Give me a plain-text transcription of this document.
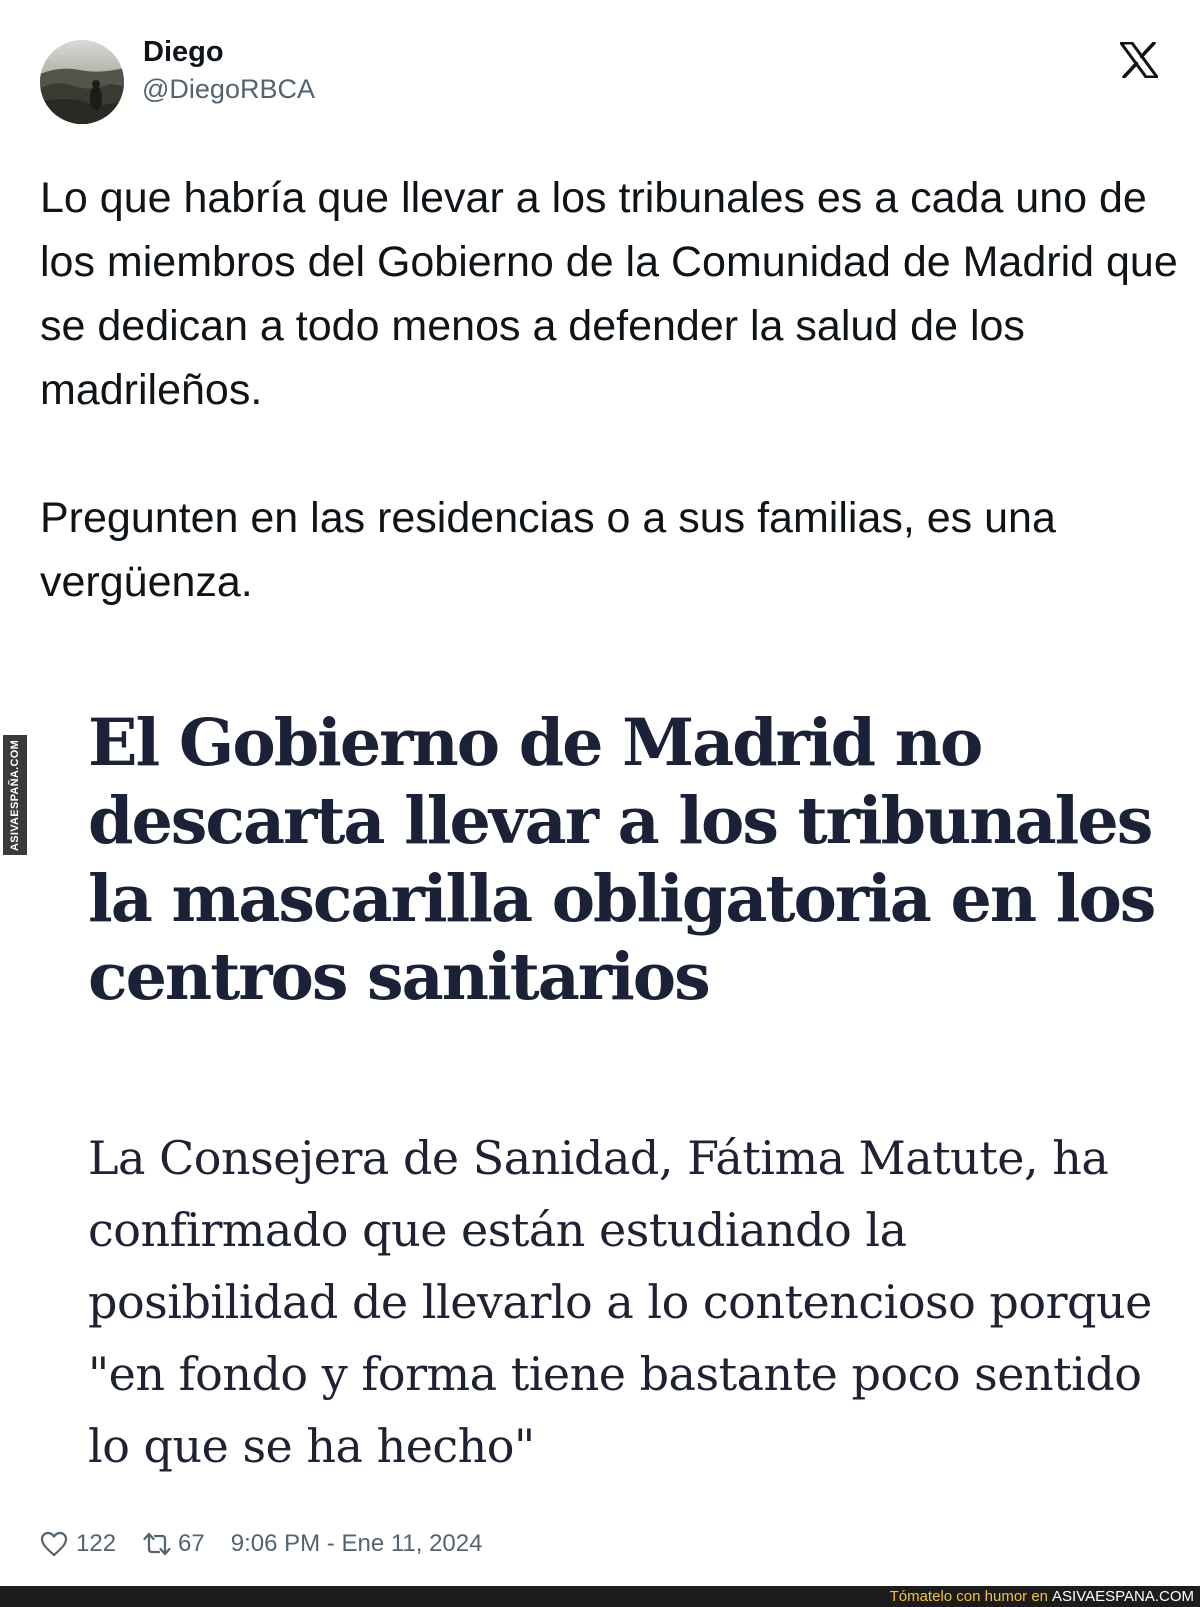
Diego
@DiegoRBCA
Lo que habría que llevar a los tribunales es a cada uno de los miembros del Gobierno de la Comunidad de Madrid que se dedican a todo menos a defender la salud de los madrileños.

Pregunten en las residencias o a sus familias, es una vergüenza.
El Gobierno de Madrid no descarta llevar a los tribunales la mascarilla obligatoria en los centros sanitarios
La Consejera de Sanidad, Fátima Matute, ha confirmado que están estudiando la posibilidad de llevarlo a lo contencioso porque "en fondo y forma tiene bastante poco sentido lo que se ha hecho"
ASIVAESPAÑA.COM
122	67 9:06 PM - Ene 11, 2024
Tómatelo con humor en ASIVAESPANA.COM
